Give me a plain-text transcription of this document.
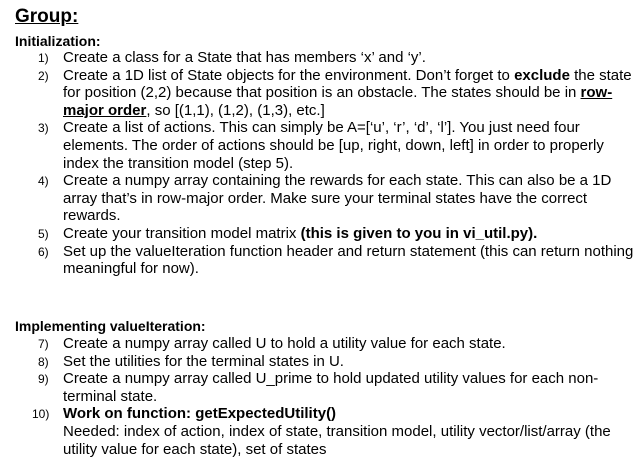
Group:
Initialization:
1) Create a class for a State that has members ‘x’ and ‘y’.
2) Create a 1D list of State objects for the environment. Don’t forget to exclude the state for position (2,2) because that position is an obstacle. The states should be in row-major order, so [(1,1), (1,2), (1,3), etc.]
3) Create a list of actions. This can simply be A=[‘u’, ‘r’, ‘d’, ‘l’]. You just need four elements. The order of actions should be [up, right, down, left] in order to properly index the transition model (step 5).
4) Create a numpy array containing the rewards for each state. This can also be a 1D array that’s in row-major order. Make sure your terminal states have the correct rewards.
5) Create your transition model matrix (this is given to you in vi_util.py).
6) Set up the valueIteration function header and return statement (this can return nothing meaningful for now).
Implementing valueIteration:
7) Create a numpy array called U to hold a utility value for each state.
8) Set the utilities for the terminal states in U.
9) Create a numpy array called U_prime to hold updated utility values for each non-terminal state.
10) Work on function: getExpectedUtility()
Needed: index of action, index of state, transition model, utility vector/list/array (the utility value for each state), set of states
